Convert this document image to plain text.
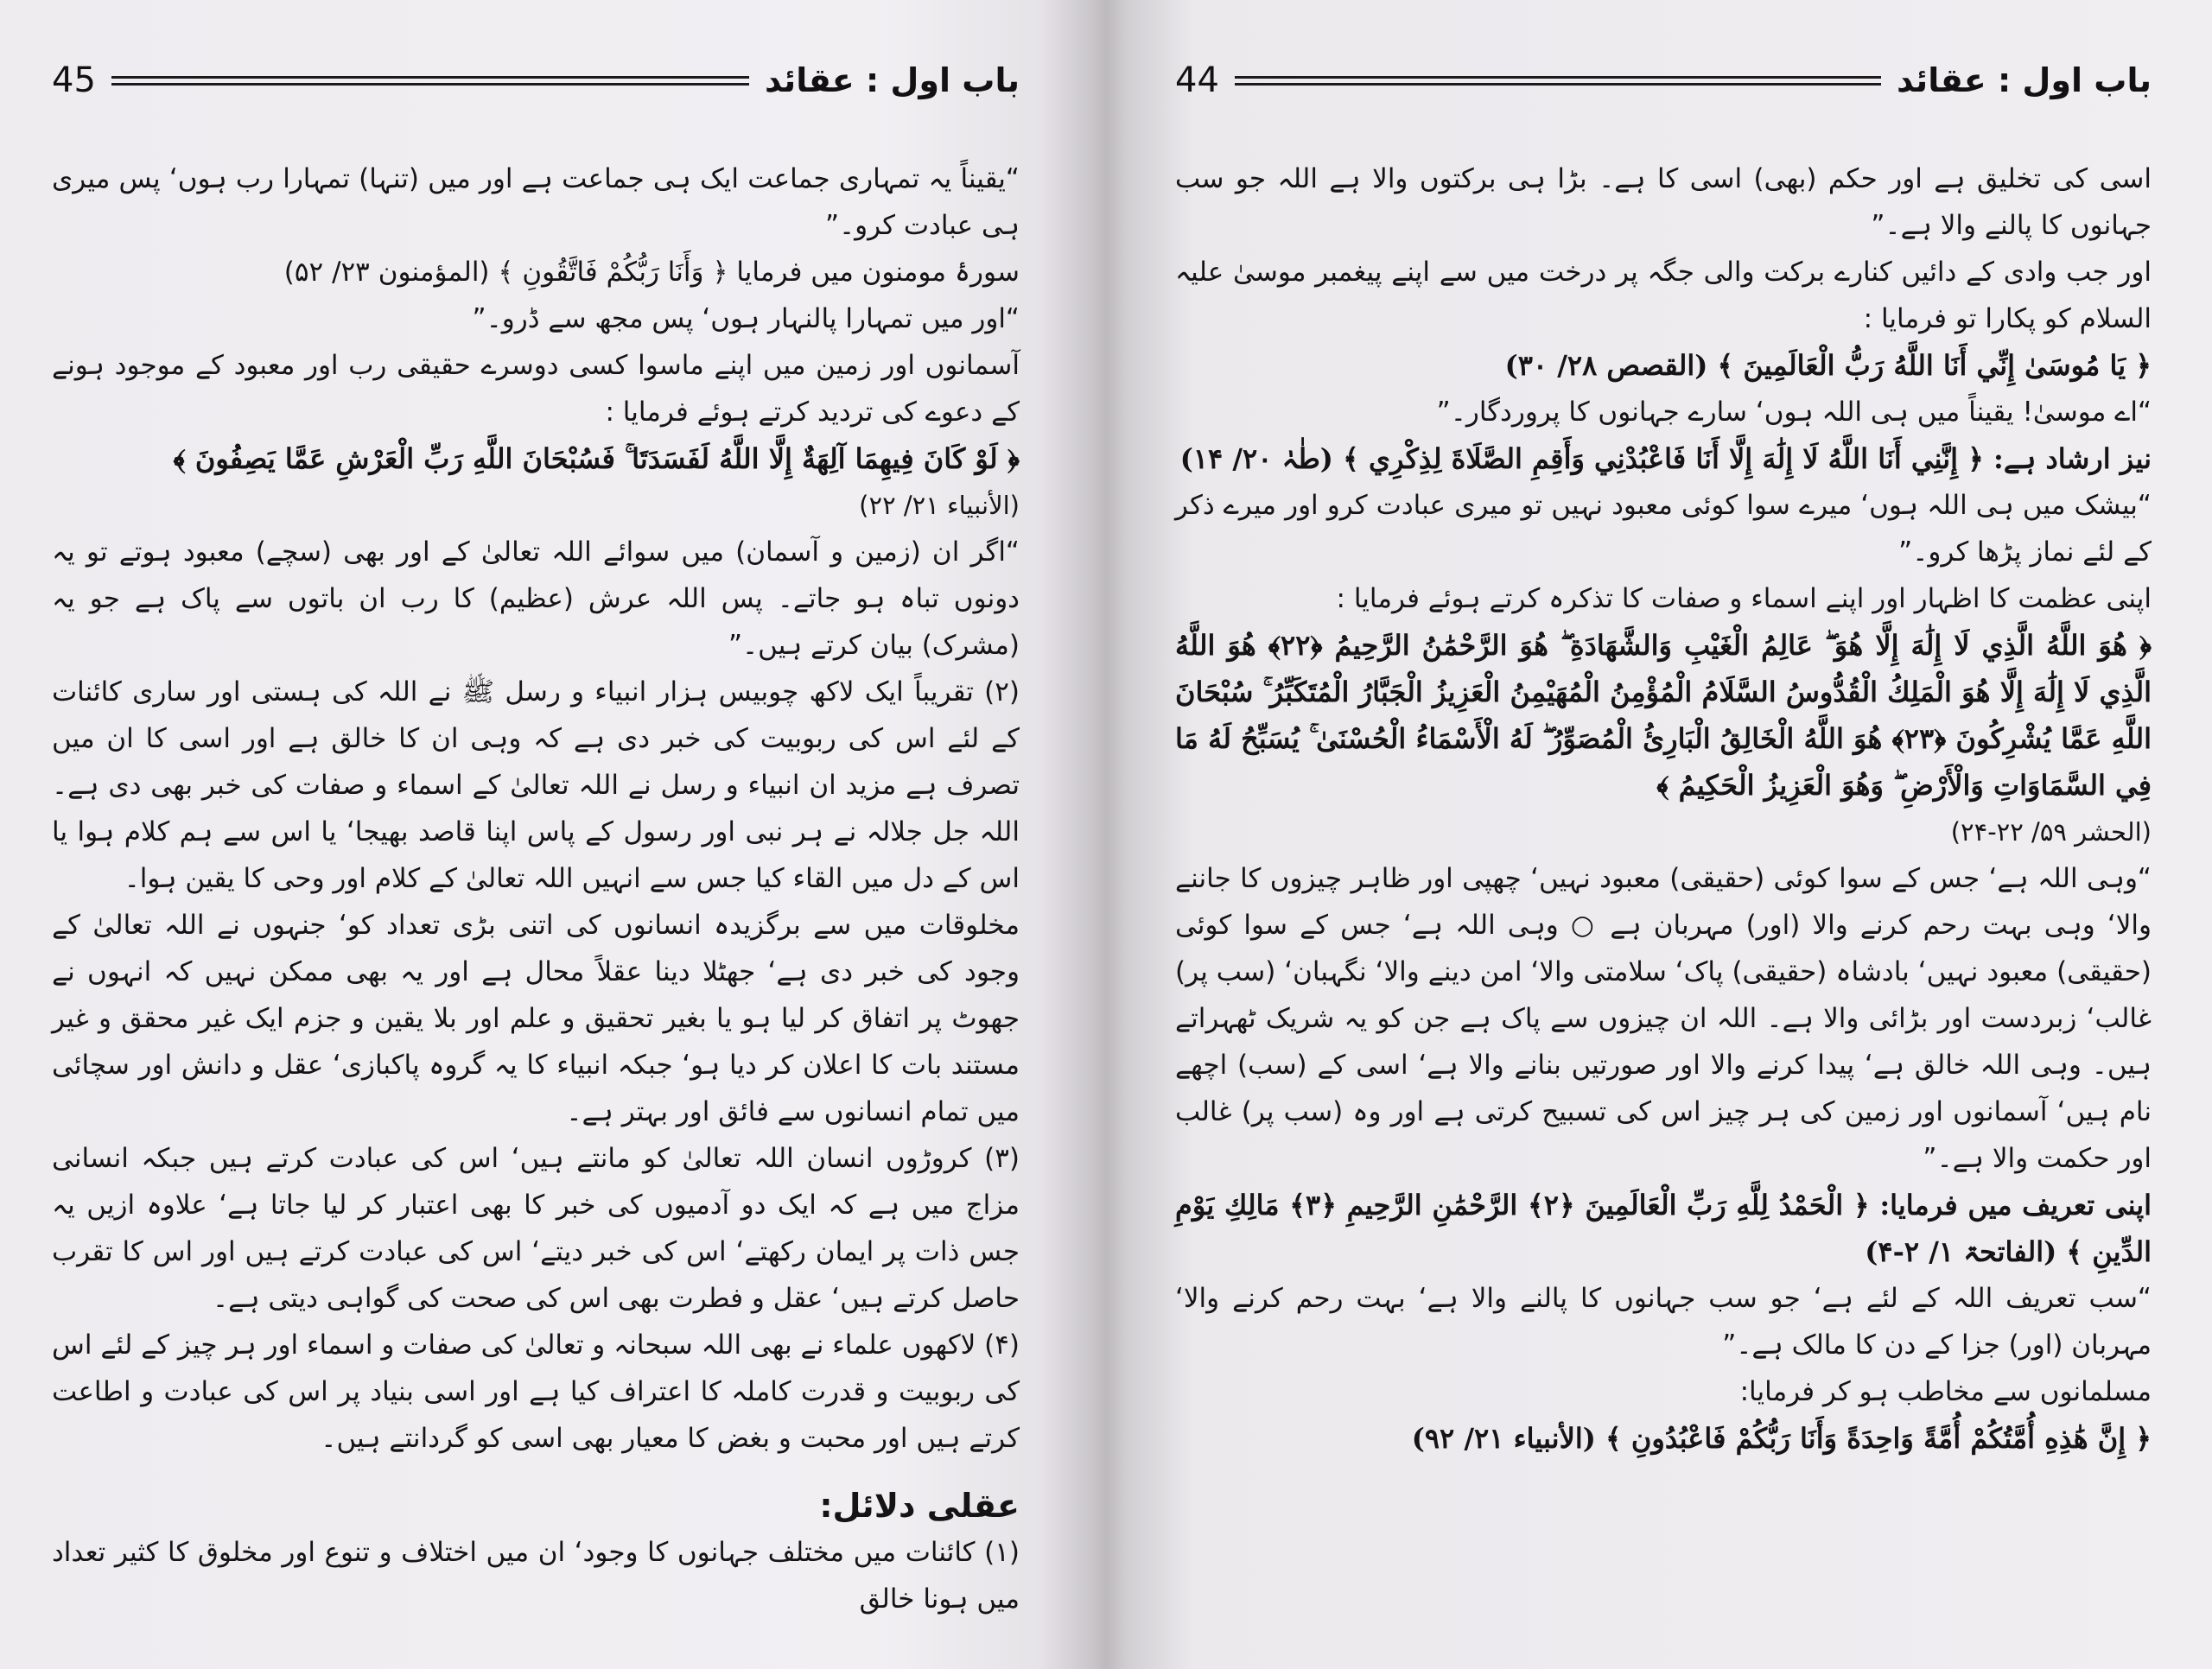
45	باب اول : عقائد

“یقیناً یہ تمہاری جماعت ایک ہی جماعت ہے اور میں (تنہا) تمہارا رب ہوں‘ پس میری ہی عبادت کرو۔”

سورۂ مومنون میں فرمایا ﴿ وَأَنَا رَبُّكُمْ فَاتَّقُونِ ﴾ (المؤمنون ۲۳/ ۵۲)

“اور میں تمہارا پالنہار ہوں‘ پس مجھ سے ڈرو۔”

آسمانوں اور زمین میں اپنے ماسوا کسی دوسرے حقیقی رب اور معبود کے موجود ہونے کے دعوے کی تردید کرتے ہوئے فرمایا :

﴿ لَوْ كَانَ فِيهِمَا آلِهَةٌ إِلَّا اللَّهُ لَفَسَدَتَا ۚ فَسُبْحَانَ اللَّهِ رَبِّ الْعَرْشِ عَمَّا يَصِفُونَ ﴾

(الأنبياء ۲۱/ ۲۲)

“اگر ان (زمین و آسمان) میں سوائے اللہ تعالیٰ کے اور بھی (سچے) معبود ہوتے تو یہ دونوں تباہ ہو جاتے۔ پس اللہ عرش (عظیم) کا رب ان باتوں سے پاک ہے جو یہ (مشرک) بیان کرتے ہیں۔”

(۲) تقریباً ایک لاکھ چوبیس ہزار انبیاء و رسل ﷺ نے اللہ کی ہستی اور ساری کائنات کے لئے اس کی ربوبیت کی خبر دی ہے کہ وہی ان کا خالق ہے اور اسی کا ان میں تصرف ہے مزید ان انبیاء و رسل نے اللہ تعالیٰ کے اسماء و صفات کی خبر بھی دی ہے۔ اللہ جل جلالہ نے ہر نبی اور رسول کے پاس اپنا قاصد بھیجا‘ یا اس سے ہم کلام ہوا یا اس کے دل میں القاء کیا جس سے انہیں اللہ تعالیٰ کے کلام اور وحی کا یقین ہوا۔

مخلوقات میں سے برگزیدہ انسانوں کی اتنی بڑی تعداد کو‘ جنہوں نے اللہ تعالیٰ کے وجود کی خبر دی ہے‘ جھٹلا دینا عقلاً محال ہے اور یہ بھی ممکن نہیں کہ انہوں نے جھوٹ پر اتفاق کر لیا ہو یا بغیر تحقیق و علم اور بلا یقین و جزم ایک غیر محقق و غیر مستند بات کا اعلان کر دیا ہو‘ جبکہ انبیاء کا یہ گروہ پاکبازی‘ عقل و دانش اور سچائی میں تمام انسانوں سے فائق اور بہتر ہے۔

(۳) کروڑوں انسان اللہ تعالیٰ کو مانتے ہیں‘ اس کی عبادت کرتے ہیں جبکہ انسانی مزاج میں ہے کہ ایک دو آدمیوں کی خبر کا بھی اعتبار کر لیا جاتا ہے‘ علاوہ ازیں یہ جس ذات پر ایمان رکھتے‘ اس کی خبر دیتے‘ اس کی عبادت کرتے ہیں اور اس کا تقرب حاصل کرتے ہیں‘ عقل و فطرت بھی اس کی صحت کی گواہی دیتی ہے۔

(۴) لاکھوں علماء نے بھی اللہ سبحانہ و تعالیٰ کی صفات و اسماء اور ہر چیز کے لئے اس کی ربوبیت و قدرت کاملہ کا اعتراف کیا ہے اور اسی بنیاد پر اس کی عبادت و اطاعت کرتے ہیں اور محبت و بغض کا معیار بھی اسی کو گردانتے ہیں۔

عقلی دلائل:

(۱) کائنات میں مختلف جہانوں کا وجود‘ ان میں اختلاف و تنوع اور مخلوق کا کثیر تعداد میں ہونا خالق

44	باب اول : عقائد

اسی کی تخلیق ہے اور حکم (بھی) اسی کا ہے۔ بڑا ہی برکتوں والا ہے اللہ جو سب جہانوں کا پالنے والا ہے۔”

اور جب وادی کے دائیں کنارے برکت والی جگہ پر درخت میں سے اپنے پیغمبر موسیٰ علیہ السلام کو پکارا تو فرمایا :

﴿ يَا مُوسَىٰ إِنِّي أَنَا اللَّهُ رَبُّ الْعَالَمِينَ ﴾ (القصص ۲۸/ ۳۰)

“اے موسیٰ! یقیناً میں ہی اللہ ہوں‘ سارے جہانوں کا پروردگار۔”

نیز ارشاد ہے: ﴿ إِنَّنِي أَنَا اللَّهُ لَا إِلَٰهَ إِلَّا أَنَا فَاعْبُدْنِي وَأَقِمِ الصَّلَاةَ لِذِكْرِي ﴾ (طٰہٰ ۲۰/ ۱۴)

“بیشک میں ہی اللہ ہوں‘ میرے سوا کوئی معبود نہیں تو میری عبادت کرو اور میرے ذکر کے لئے نماز پڑھا کرو۔”

اپنی عظمت کا اظہار اور اپنے اسماء و صفات کا تذکرہ کرتے ہوئے فرمایا :

﴿ هُوَ اللَّهُ الَّذِي لَا إِلَٰهَ إِلَّا هُوَ ۖ عَالِمُ الْغَيْبِ وَالشَّهَادَةِ ۖ هُوَ الرَّحْمَٰنُ الرَّحِيمُ ﴿٢٢﴾ هُوَ اللَّهُ الَّذِي لَا إِلَٰهَ إِلَّا هُوَ الْمَلِكُ الْقُدُّوسُ السَّلَامُ الْمُؤْمِنُ الْمُهَيْمِنُ الْعَزِيزُ الْجَبَّارُ الْمُتَكَبِّرُ ۚ سُبْحَانَ اللَّهِ عَمَّا يُشْرِكُونَ ﴿٢٣﴾ هُوَ اللَّهُ الْخَالِقُ الْبَارِئُ الْمُصَوِّرُ ۖ لَهُ الْأَسْمَاءُ الْحُسْنَىٰ ۚ يُسَبِّحُ لَهُ مَا فِي السَّمَاوَاتِ وَالْأَرْضِ ۖ وَهُوَ الْعَزِيزُ الْحَكِيمُ ﴾

(الحشر ۵۹/ ۲۲-۲۴)

“وہی اللہ ہے‘ جس کے سوا کوئی (حقیقی) معبود نہیں‘ چھپی اور ظاہر چیزوں کا جاننے والا‘ وہی بہت رحم کرنے والا (اور) مہربان ہے ○ وہی اللہ ہے‘ جس کے سوا کوئی (حقیقی) معبود نہیں‘ بادشاہ (حقیقی) پاک‘ سلامتی والا‘ امن دینے والا‘ نگہبان‘ (سب پر) غالب‘ زبردست اور بڑائی والا ہے۔ اللہ ان چیزوں سے پاک ہے جن کو یہ شریک ٹھہراتے ہیں۔ وہی اللہ خالق ہے‘ پیدا کرنے والا اور صورتیں بنانے والا ہے‘ اسی کے (سب) اچھے نام ہیں‘ آسمانوں اور زمین کی ہر چیز اس کی تسبیح کرتی ہے اور وہ (سب پر) غالب اور حکمت والا ہے۔”

اپنی تعریف میں فرمایا: ﴿ الْحَمْدُ لِلَّهِ رَبِّ الْعَالَمِينَ ﴿٢﴾ الرَّحْمَٰنِ الرَّحِيمِ ﴿٣﴾ مَالِكِ يَوْمِ الدِّينِ ﴾ (الفاتحۃ ۱/ ۲-۴)

“سب تعریف اللہ کے لئے ہے‘ جو سب جہانوں کا پالنے والا ہے‘ بہت رحم کرنے والا‘ مہربان (اور) جزا کے دن کا مالک ہے۔”

مسلمانوں سے مخاطب ہو کر فرمایا:

﴿ إِنَّ هَٰذِهِ أُمَّتُكُمْ أُمَّةً وَاحِدَةً وَأَنَا رَبُّكُمْ فَاعْبُدُونِ ﴾ (الأنبياء ۲۱/ ۹۲)
